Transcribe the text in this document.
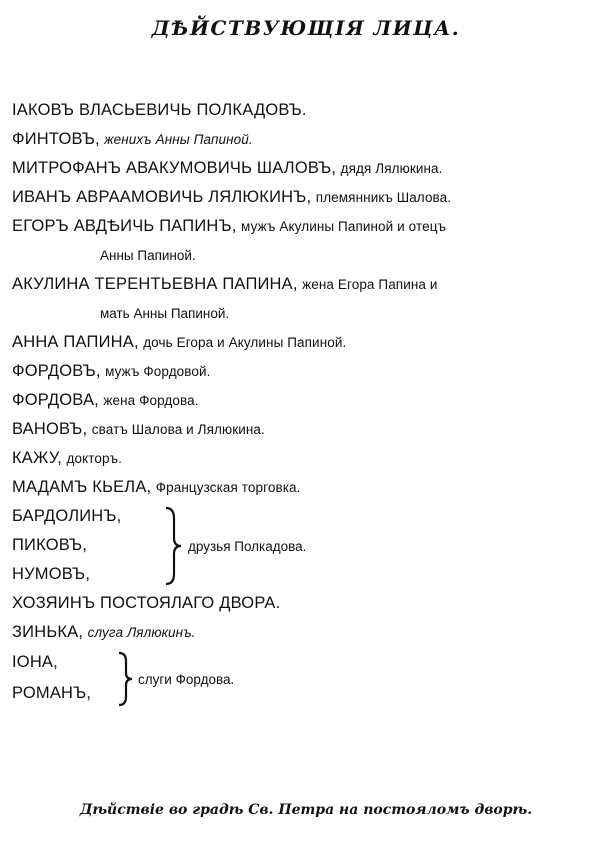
ДѢЙСТВУЮЩІЯ ЛИЦА.
ІАКОВЪ ВЛАСЬЕВИЧЬ ПОЛКАДОВЪ.
ФИНТОВЪ, женихъ Анны Папиной.
МИТРОФАНЪ АВАКУМОВИЧЬ ШАЛОВЪ, дядя Лялюкина.
ИВАНЪ АВРААМОВИЧЬ ЛЯЛЮКИНЪ, племянникъ Шалова.
ЕГОРЪ АВДѢИЧЬ ПАПИНЪ, мужъ Акулины Папиной и отецъ
Анны Папиной.
АКУЛИНА ТЕРЕНТЬЕВНА ПАПИНА, жена Егора Папина и
мать Анны Папиной.
АННА ПАПИНА, дочь Егора и Акулины Папиной.
ФОРДОВЪ, мужъ Фордовой.
ФОРДОВА, жена Фордова.
ВАНОВЪ, сватъ Шалова и Лялюкина.
КАЖУ, докторъ.
МАДАМЪ КЬЕЛА, Французская торговка.
БАРДОЛИНЪ,
ПИКОВЪ,
НУМОВЪ,
друзья Полкадова.
ХОЗЯИНЪ ПОСТОЯЛАГО ДВОРА.
ЗИНЬКА, слуга Лялюкинъ.
ІОНА,
РОМАНЪ,
слуги Фордова.
Дѣйствіе во градѣ Св. Петра на постояломъ дворѣ.
